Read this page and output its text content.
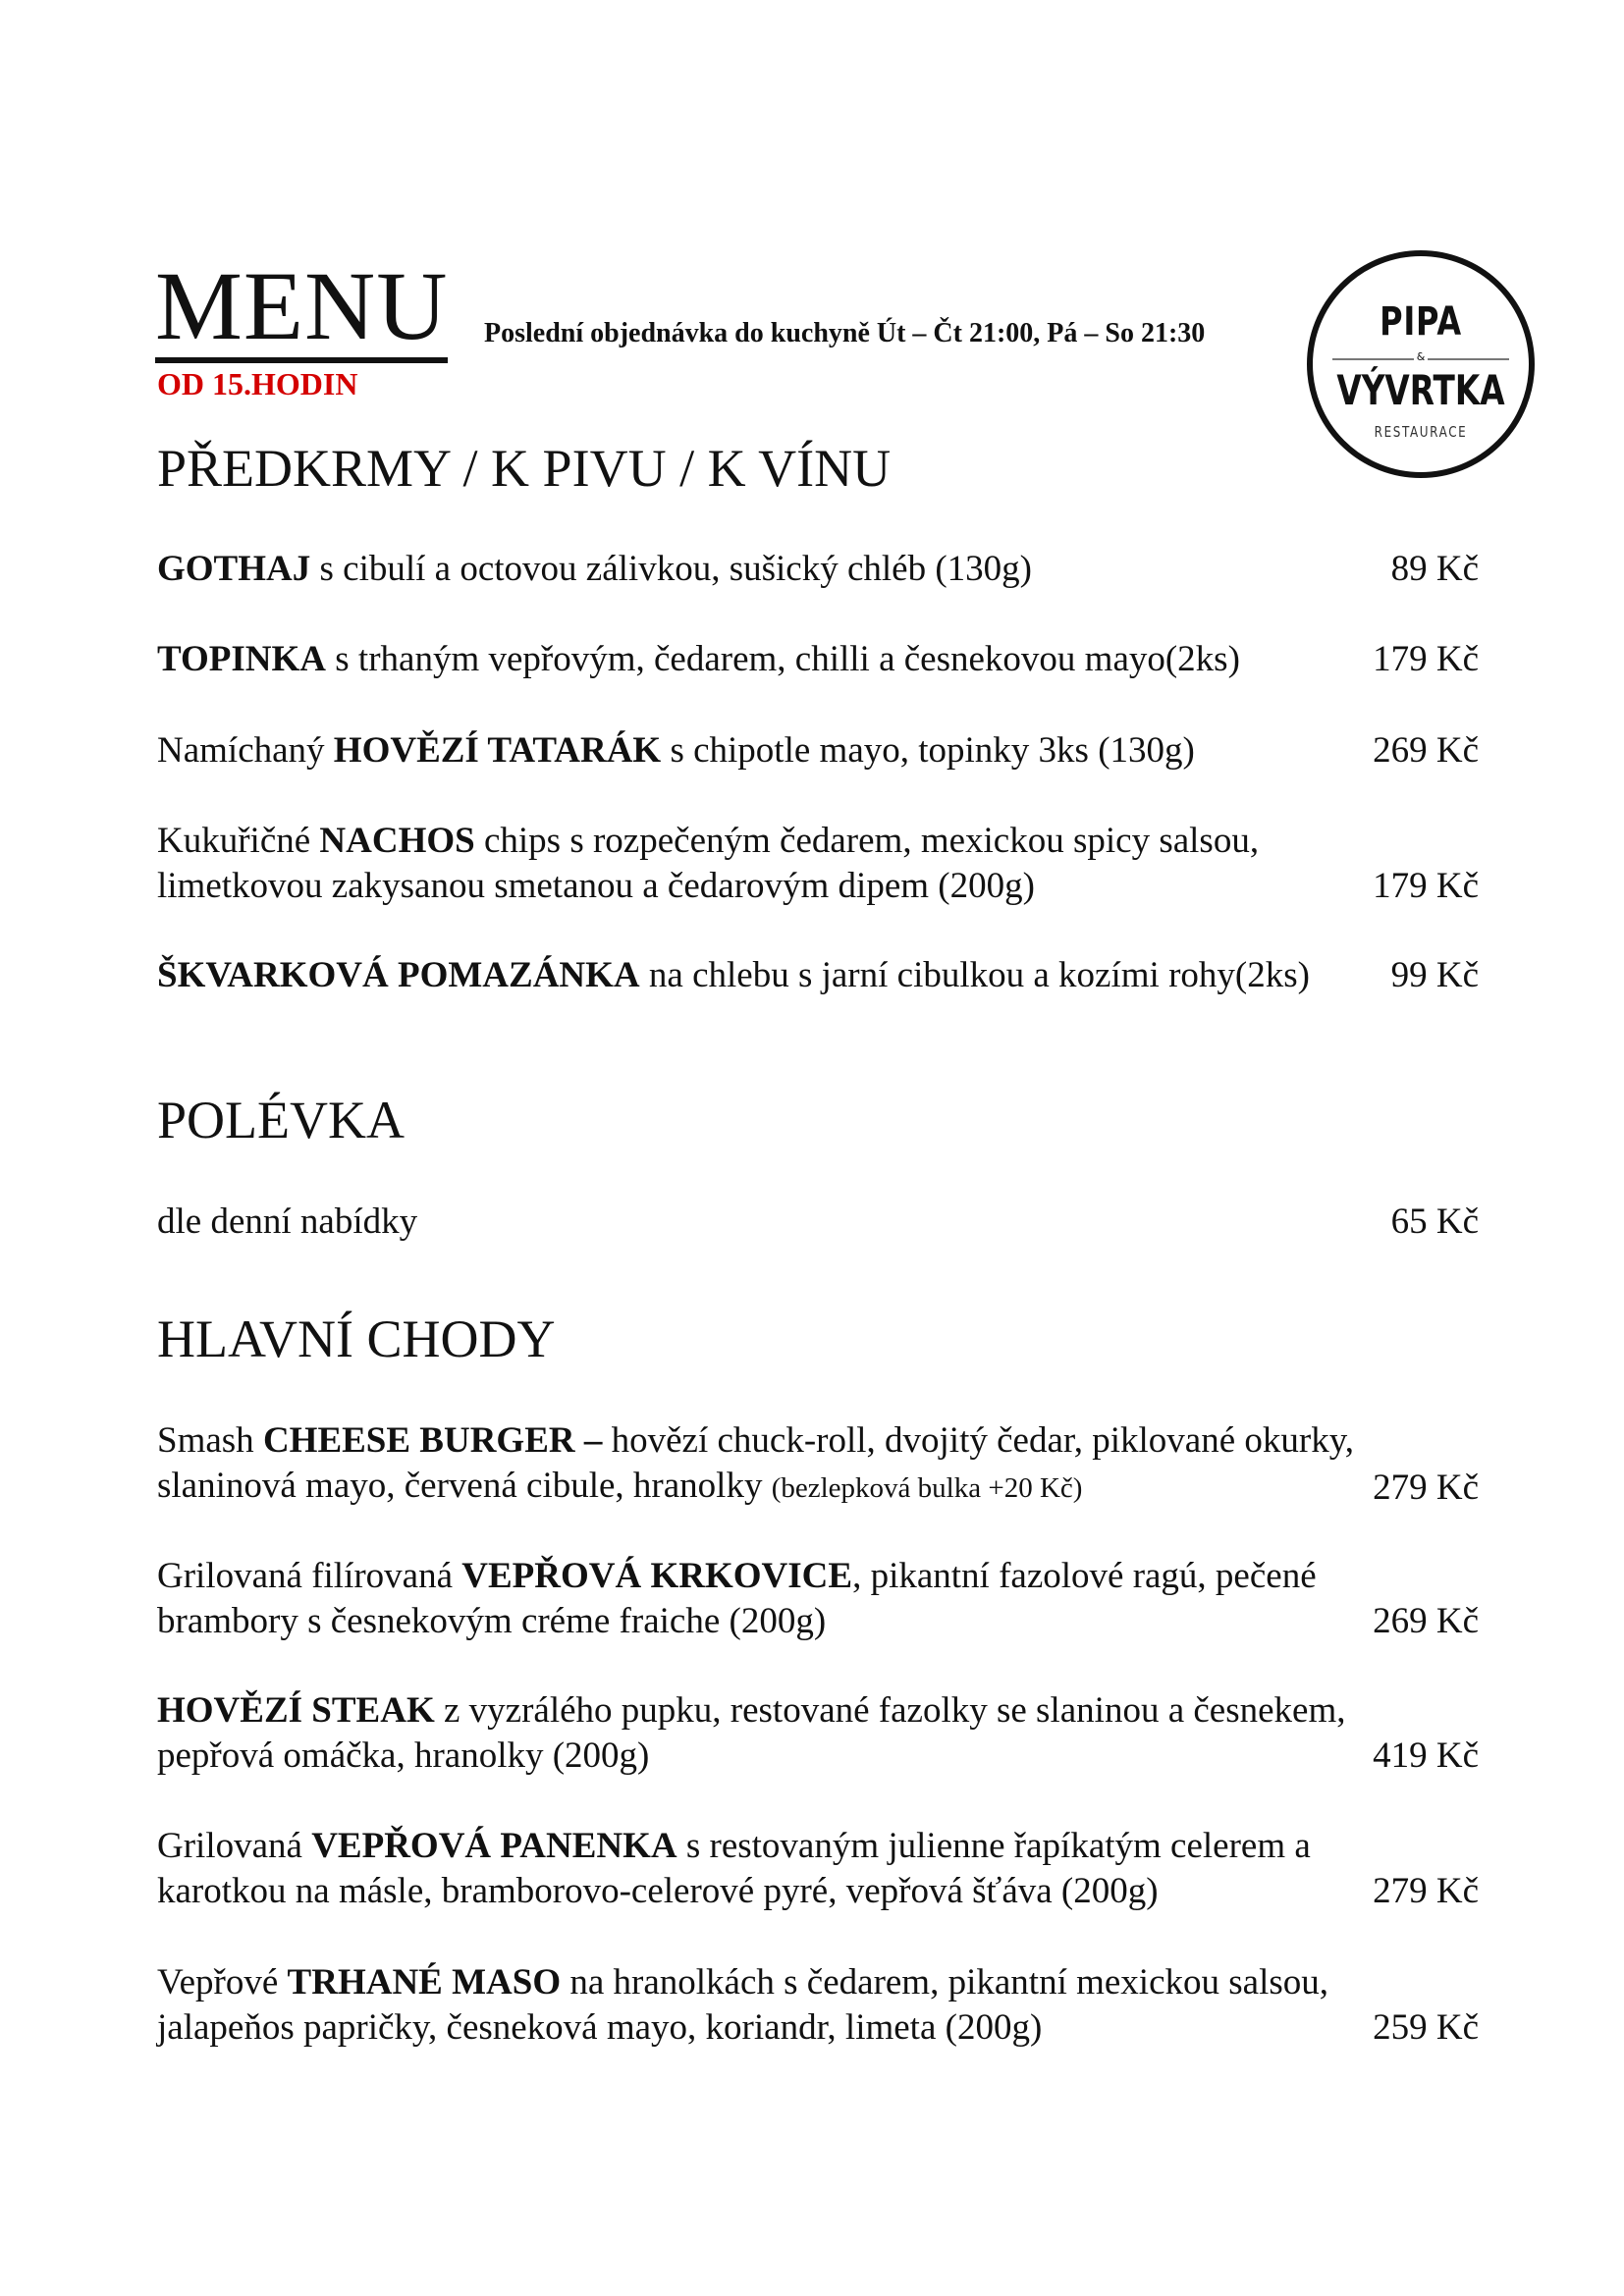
MENU
OD 15.HODIN
Poslední objednávka do kuchyně Út – Čt 21:00, Pá – So 21:30	PIPA
&
VÝVRTKA
RESTAURACE
PŘEDKRMY / K PIVU / K VÍNU
GOTHAJ s cibulí a octovou zálivkou, sušický chléb (130g)	89 Kč
TOPINKA s trhaným vepřovým, čedarem, chilli a česnekovou mayo(2ks)	179 Kč
Namíchaný HOVĚZÍ TATARÁK s chipotle mayo, topinky 3ks (130g)	269 Kč
Kukuřičné NACHOS chips s rozpečeným čedarem, mexickou spicy salsou,
limetkovou zakysanou smetanou a čedarovým dipem (200g)	179 Kč
ŠKVARKOVÁ POMAZÁNKA na chlebu s jarní cibulkou a kozími rohy(2ks)	99 Kč
POLÉVKA
dle denní nabídky	65 Kč
HLAVNÍ CHODY
Smash CHEESE BURGER – hovězí chuck-roll, dvojitý čedar, piklované okurky,
slaninová mayo, červená cibule, hranolky (bezlepková bulka +20 Kč)	279 Kč
Grilovaná filírovaná VEPŘOVÁ KRKOVICE, pikantní fazolové ragú, pečené
brambory s česnekovým créme fraiche (200g)	269 Kč
HOVĚZÍ STEAK z vyzrálého pupku, restované fazolky se slaninou a česnekem,
pepřová omáčka, hranolky (200g)	419 Kč
Grilovaná VEPŘOVÁ PANENKA s restovaným julienne řapíkatým celerem a
karotkou na másle, bramborovo-celerové pyré, vepřová šťáva (200g)	279 Kč
Vepřové TRHANÉ MASO na hranolkách s čedarem, pikantní mexickou salsou,
jalapeňos papričky, česneková mayo, koriandr, limeta (200g)	259 Kč
